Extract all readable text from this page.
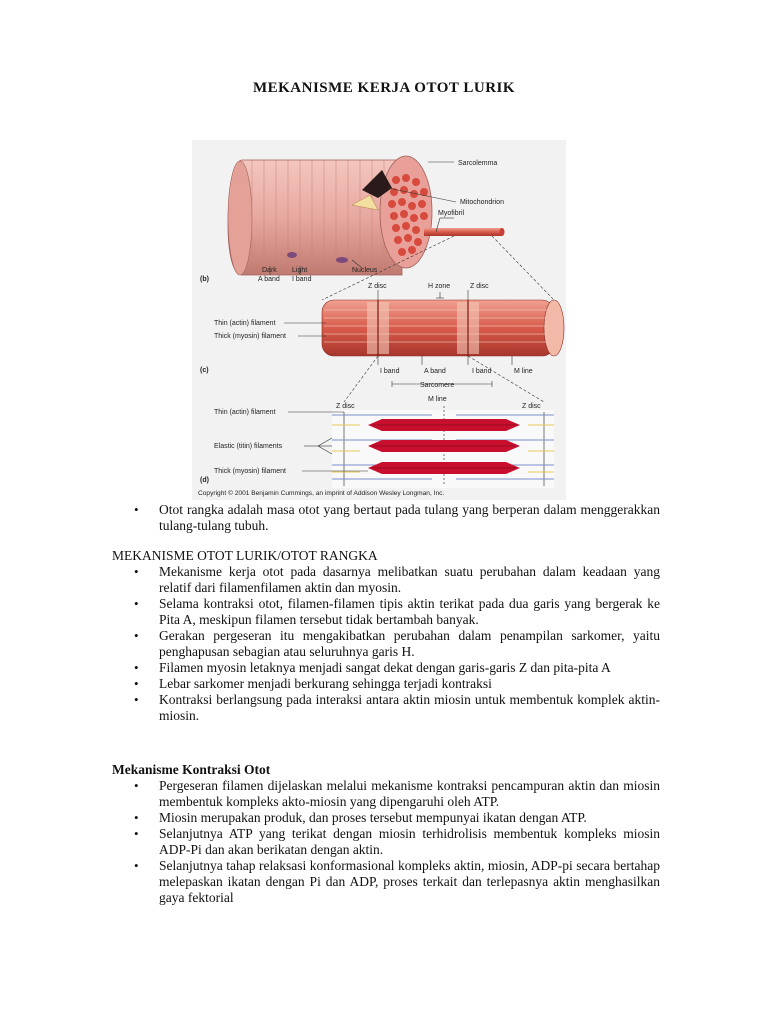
MEKANISME KERJA OTOT LURIK
Sarcolemma
Mitochondrion
Myofibril
Dark
A band
Light
I band
Nucleus
(b)
Z disc	H zone	Z disc
Thin (actin) filament
Thick (myosin) filament
(c)	I band	A band	I band	M line
Sarcomere
M line
Z disc	Z disc
Thin (actin) filament
Elastic (titin) filaments
Thick (myosin) filament
(d)
Copyright © 2001 Benjamin Cummings, an imprint of Addison Wesley Longman, Inc.
• Otot rangka adalah masa otot yang bertaut pada tulang yang berperan dalam menggerakkan tulang-tulang tubuh.

MEKANISME OTOT LURIK/OTOT RANGKA

• Mekanisme kerja otot pada dasarnya melibatkan suatu perubahan dalam keadaan yang relatif dari filamenfilamen aktin dan myosin.
• Selama kontraksi otot, filamen-filamen tipis aktin terikat pada dua garis yang bergerak ke Pita A, meskipun filamen tersebut tidak bertambah banyak.
• Gerakan pergeseran itu mengakibatkan perubahan dalam penampilan sarkomer, yaitu penghapusan sebagian atau seluruhnya garis H.
• Filamen myosin letaknya menjadi sangat dekat dengan garis-garis Z dan pita-pita A
• Lebar sarkomer menjadi berkurang sehingga terjadi kontraksi
• Kontraksi berlangsung pada interaksi antara aktin miosin untuk membentuk komplek aktin-miosin.

Mekanisme Kontraksi Otot

• Pergeseran filamen dijelaskan melalui mekanisme kontraksi pencampuran aktin dan miosin membentuk kompleks akto-miosin yang dipengaruhi oleh ATP.
• Miosin merupakan produk, dan proses tersebut mempunyai ikatan dengan ATP.
• Selanjutnya ATP yang terikat dengan miosin terhidrolisis membentuk kompleks miosin ADP-Pi dan akan berikatan dengan aktin.
• Selanjutnya tahap relaksasi konformasional kompleks aktin, miosin, ADP-pi secara bertahap melepaskan ikatan dengan Pi dan ADP, proses terkait dan terlepasnya aktin menghasilkan gaya fektorial
